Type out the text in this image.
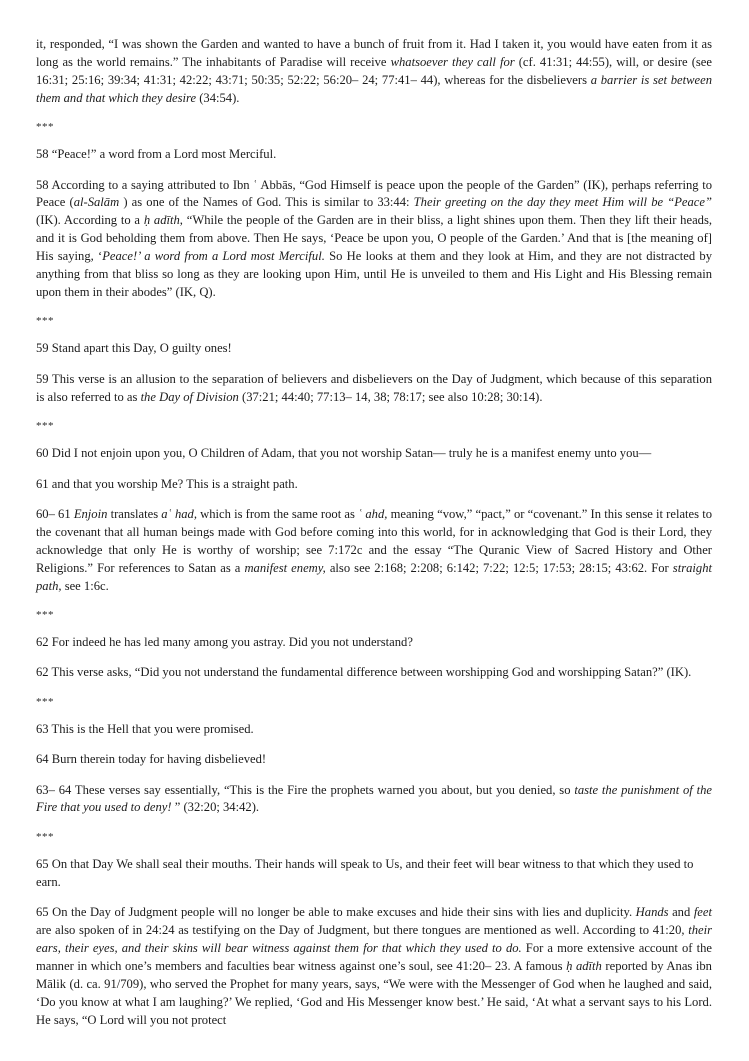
it, responded, “I was shown the Garden and wanted to have a bunch of fruit from it. Had I taken it, you would have eaten from it as long as the world remains.” The inhabitants of Paradise will receive whatsoever they call for (cf. 41:31; 44:55), will, or desire (see 16:31; 25:16; 39:34; 41:31; 42:22; 43:71; 50:35; 52:22; 56:20– 24; 77:41– 44), whereas for the disbelievers a barrier is set between them and that which they desire (34:54).

***

58 “Peace!” a word from a Lord most Merciful.

58 According to a saying attributed to Ibn ʿ Abbās, “God Himself is peace upon the people of the Garden” (IK), perhaps referring to Peace (al-Salām ) as one of the Names of God. This is similar to 33:44: Their greeting on the day they meet Him will be “Peace” (IK). According to a ḥ adīth, “While the people of the Garden are in their bliss, a light shines upon them. Then they lift their heads, and it is God beholding them from above. Then He says, ‘Peace be upon you, O people of the Garden.’ And that is [the meaning of] His saying, ‘Peace!’ a word from a Lord most Merciful. So He looks at them and they look at Him, and they are not distracted by anything from that bliss so long as they are looking upon Him, until He is unveiled to them and His Light and His Blessing remain upon them in their abodes” (IK, Q).

***

59 Stand apart this Day, O guilty ones!

59 This verse is an allusion to the separation of believers and disbelievers on the Day of Judgment, which because of this separation is also referred to as the Day of Division (37:21; 44:40; 77:13– 14, 38; 78:17; see also 10:28; 30:14).

***

60 Did I not enjoin upon you, O Children of Adam, that you not worship Satan— truly he is a manifest enemy unto you—

61 and that you worship Me? This is a straight path.

60– 61 Enjoin translates aʿ had, which is from the same root as ʿ ahd, meaning “vow,” “pact,” or “covenant.” In this sense it relates to the covenant that all human beings made with God before coming into this world, for in acknowledging that God is their Lord, they acknowledge that only He is worthy of worship; see 7:172c and the essay “The Quranic View of Sacred History and Other Religions.” For references to Satan as a manifest enemy, also see 2:168; 2:208; 6:142; 7:22; 12:5; 17:53; 28:15; 43:62. For straight path, see 1:6c.

***

62 For indeed he has led many among you astray. Did you not understand?

62 This verse asks, “Did you not understand the fundamental difference between worshipping God and worshipping Satan?” (IK).

***

63 This is the Hell that you were promised.

64 Burn therein today for having disbelieved!

63– 64 These verses say essentially, “This is the Fire the prophets warned you about, but you denied, so taste the punishment of the Fire that you used to deny! ” (32:20; 34:42).

***

65 On that Day We shall seal their mouths. Their hands will speak to Us, and their feet will bear witness to that which they used to earn.

65 On the Day of Judgment people will no longer be able to make excuses and hide their sins with lies and duplicity. Hands and feet are also spoken of in 24:24 as testifying on the Day of Judgment, but there tongues are mentioned as well. According to 41:20, their ears, their eyes, and their skins will bear witness against them for that which they used to do. For a more extensive account of the manner in which one’s members and faculties bear witness against one’s soul, see 41:20– 23. A famous ḥ adīth reported by Anas ibn Mālik (d. ca. 91/709), who served the Prophet for many years, says, “We were with the Messenger of God when he laughed and said, ‘Do you know at what I am laughing?’ We replied, ‘God and His Messenger know best.’ He said, ‘At what a servant says to his Lord. He says, “O Lord will you not protect
